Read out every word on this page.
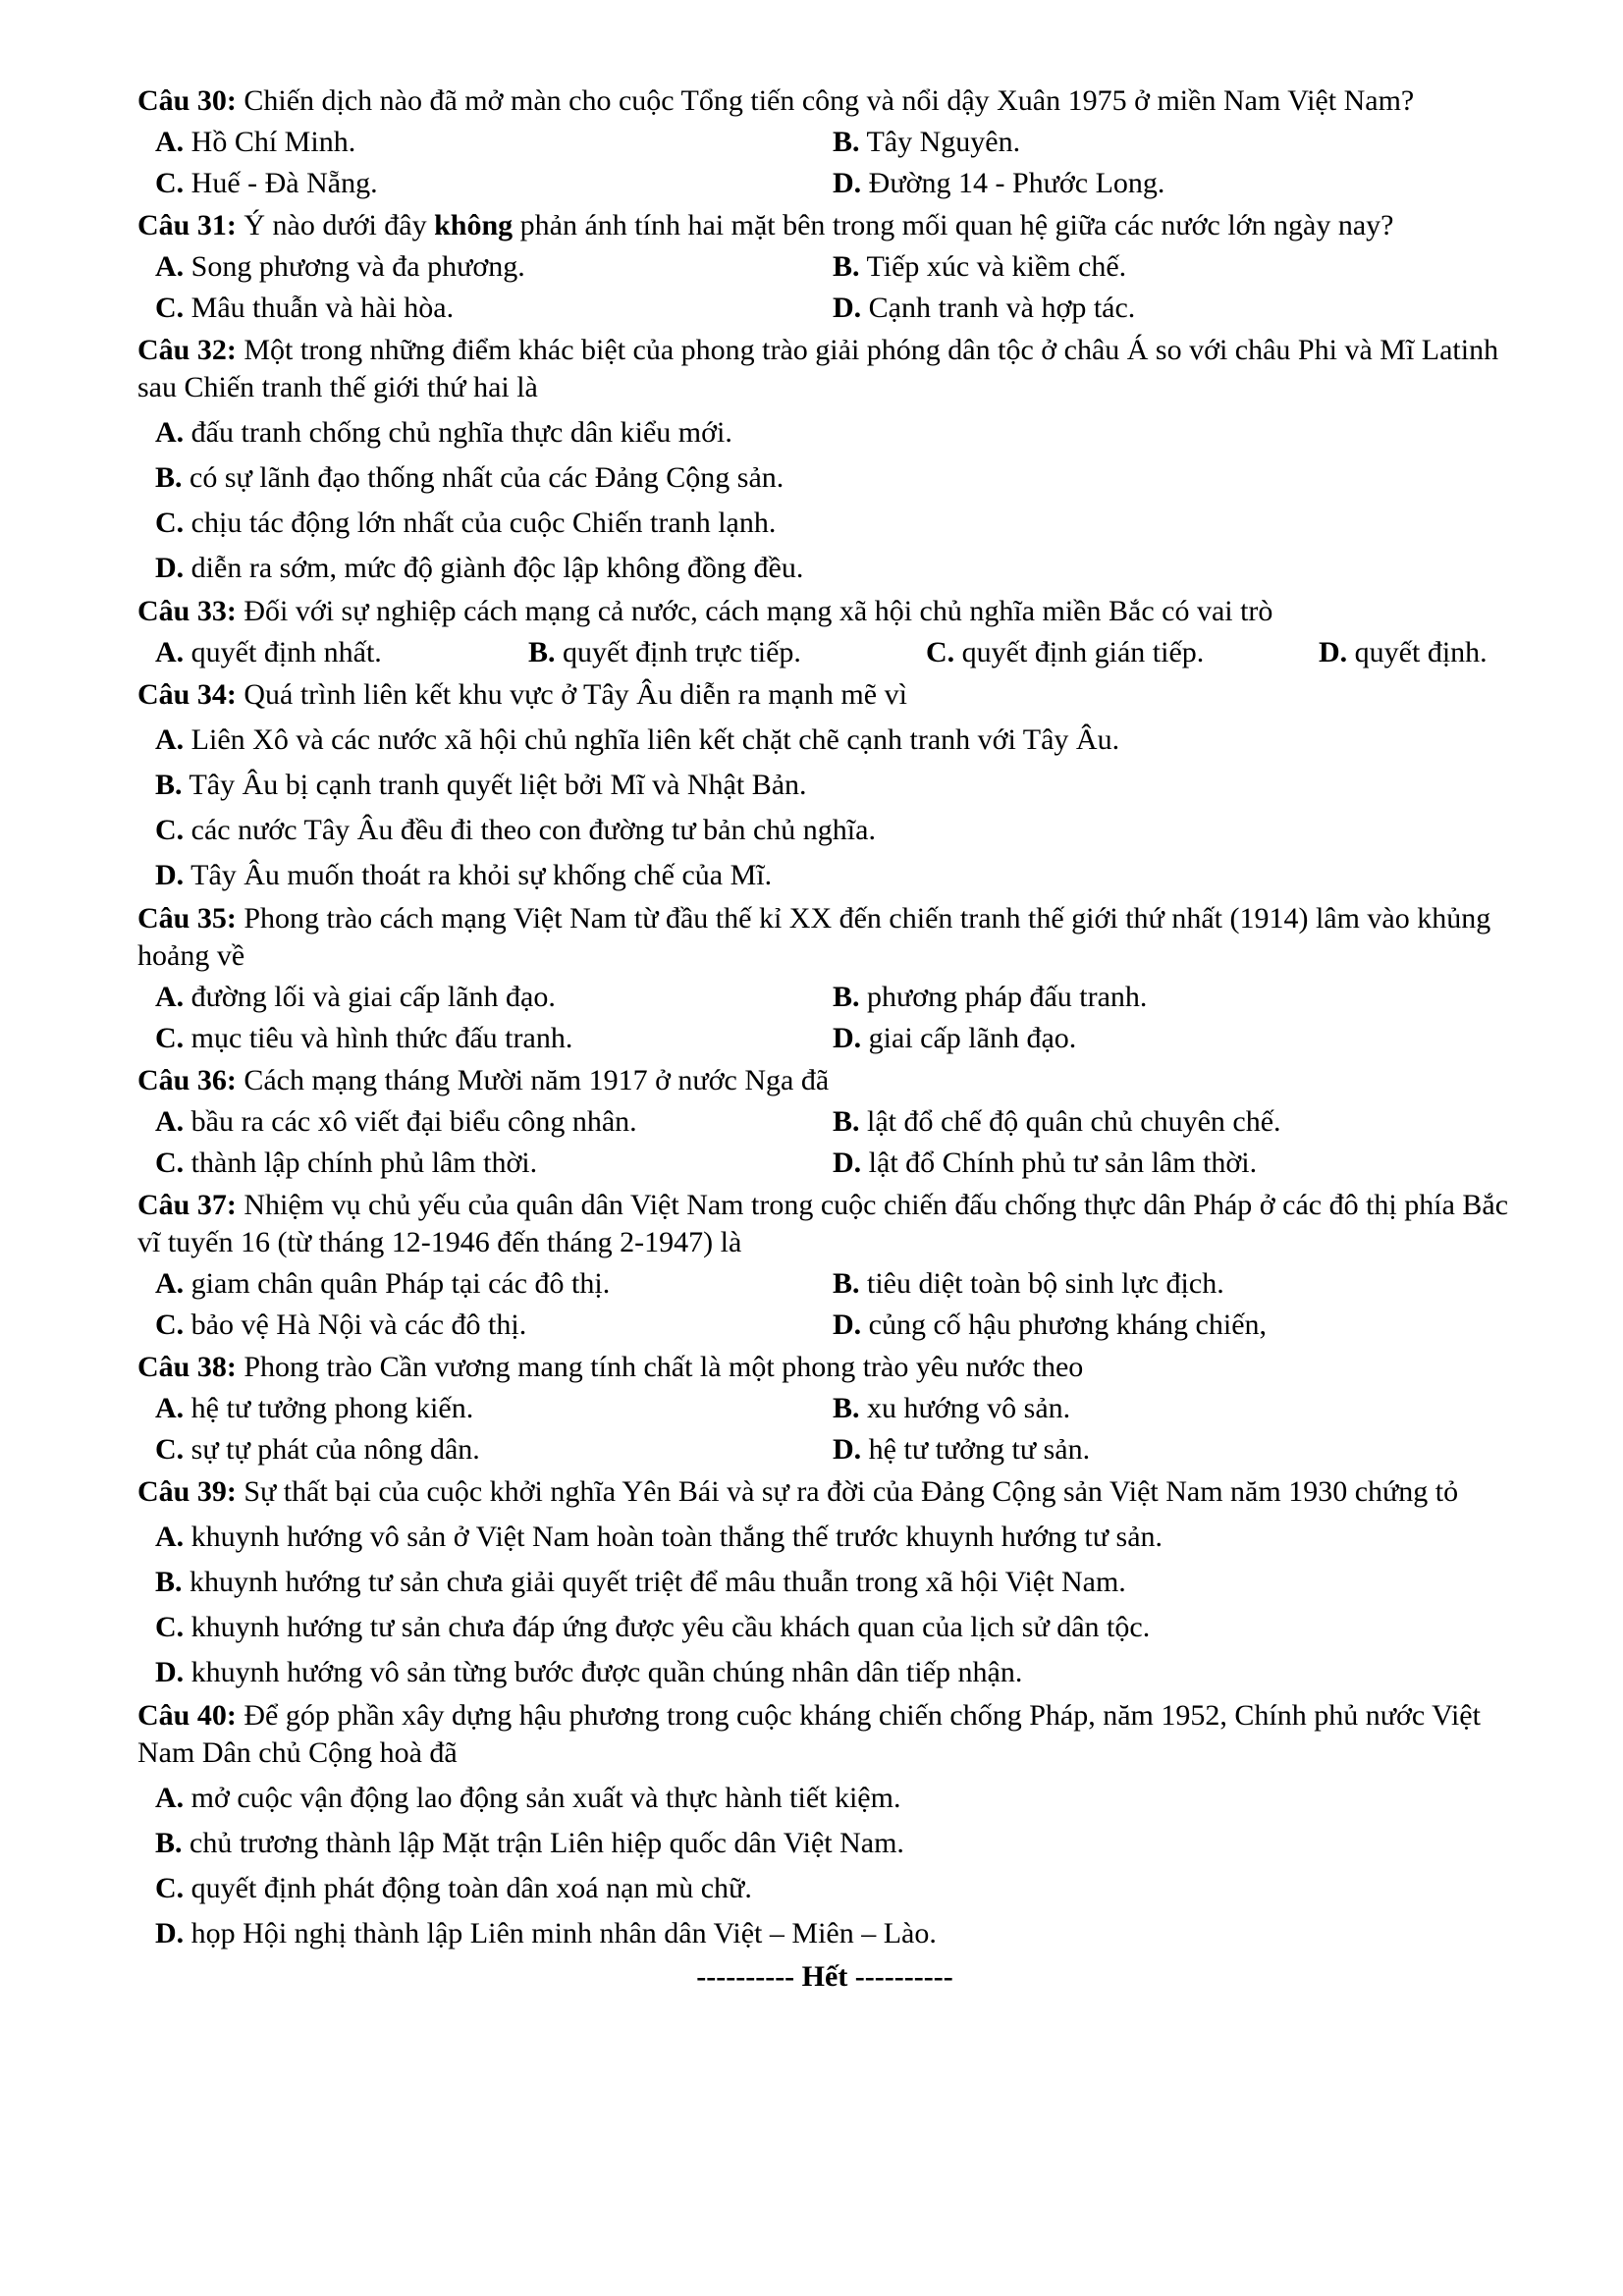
Câu 30: Chiến dịch nào đã mở màn cho cuộc Tổng tiến công và nổi dậy Xuân 1975 ở miền Nam Việt Nam?
A. Hồ Chí Minh.	B. Tây Nguyên.
C. Huế - Đà Nẵng.	D. Đường 14 - Phước Long.
Câu 31: Ý nào dưới đây không phản ánh tính hai mặt bên trong mối quan hệ giữa các nước lớn ngày nay?
A. Song phương và đa phương.	B. Tiếp xúc và kiềm chế.
C. Mâu thuẫn và hài hòa.	D. Cạnh tranh và hợp tác.
Câu 32: Một trong những điểm khác biệt của phong trào giải phóng dân tộc ở châu Á so với châu Phi và Mĩ Latinh sau Chiến tranh thế giới thứ hai là
A. đấu tranh chống chủ nghĩa thực dân kiểu mới.
B. có sự lãnh đạo thống nhất của các Đảng Cộng sản.
C. chịu tác động lớn nhất của cuộc Chiến tranh lạnh.
D. diễn ra sớm, mức độ giành độc lập không đồng đều.
Câu 33: Đối với sự nghiệp cách mạng cả nước, cách mạng xã hội chủ nghĩa miền Bắc có vai trò
A. quyết định nhất.	B. quyết định trực tiếp.	C. quyết định gián tiếp.	D. quyết định.
Câu 34: Quá trình liên kết khu vực ở Tây Âu diễn ra mạnh mẽ vì
A. Liên Xô và các nước xã hội chủ nghĩa liên kết chặt chẽ cạnh tranh với Tây Âu.
B. Tây Âu bị cạnh tranh quyết liệt bởi Mĩ và Nhật Bản.
C. các nước Tây Âu đều đi theo con đường tư bản chủ nghĩa.
D. Tây Âu muốn thoát ra khỏi sự khống chế của Mĩ.
Câu 35: Phong trào cách mạng Việt Nam từ đầu thế kỉ XX đến chiến tranh thế giới thứ nhất (1914) lâm vào khủng hoảng về
A. đường lối và giai cấp lãnh đạo.	B. phương pháp đấu tranh.
C. mục tiêu và hình thức đấu tranh.	D. giai cấp lãnh đạo.
Câu 36: Cách mạng tháng Mười năm 1917 ở nước Nga đã
A. bầu ra các xô viết đại biểu công nhân.	B. lật đổ chế độ quân chủ chuyên chế.
C. thành lập chính phủ lâm thời.	D. lật đổ Chính phủ tư sản lâm thời.
Câu 37: Nhiệm vụ chủ yếu của quân dân Việt Nam trong cuộc chiến đấu chống thực dân Pháp ở các đô thị phía Bắc vĩ tuyến 16 (từ tháng 12-1946 đến tháng 2-1947) là
A. giam chân quân Pháp tại các đô thị.	B. tiêu diệt toàn bộ sinh lực địch.
C. bảo vệ Hà Nội và các đô thị.	D. củng cố hậu phương kháng chiến,
Câu 38: Phong trào Cần vương mang tính chất là một phong trào yêu nước theo
A. hệ tư tưởng phong kiến.	B. xu hướng vô sản.
C. sự tự phát của nông dân.	D. hệ tư tưởng tư sản.
Câu 39: Sự thất bại của cuộc khởi nghĩa Yên Bái và sự ra đời của Đảng Cộng sản Việt Nam năm 1930 chứng tỏ
A. khuynh hướng vô sản ở Việt Nam hoàn toàn thắng thế trước khuynh hướng tư sản.
B. khuynh hướng tư sản chưa giải quyết triệt để mâu thuẫn trong xã hội Việt Nam.
C. khuynh hướng tư sản chưa đáp ứng được yêu cầu khách quan của lịch sử dân tộc.
D. khuynh hướng vô sản từng bước được quần chúng nhân dân tiếp nhận.
Câu 40: Để góp phần xây dựng hậu phương trong cuộc kháng chiến chống Pháp, năm 1952, Chính phủ nước Việt Nam Dân chủ Cộng hoà đã
A. mở cuộc vận động lao động sản xuất và thực hành tiết kiệm.
B. chủ trương thành lập Mặt trận Liên hiệp quốc dân Việt Nam.
C. quyết định phát động toàn dân xoá nạn mù chữ.
D. họp Hội nghị thành lập Liên minh nhân dân Việt – Miên – Lào.
---------- Hết ----------
